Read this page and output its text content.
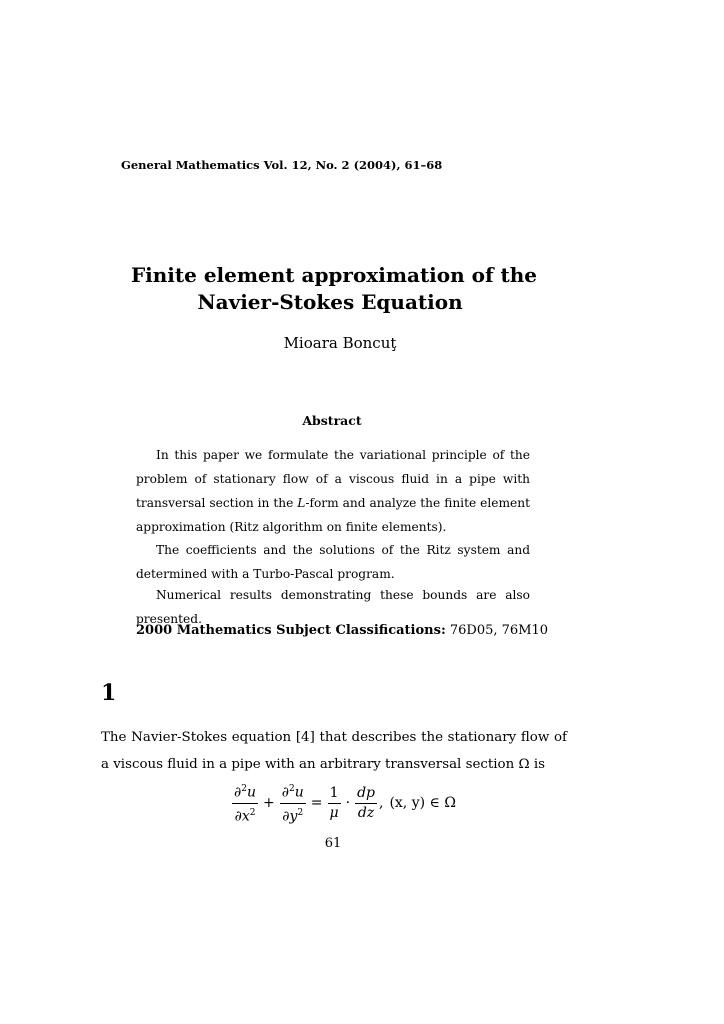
General Mathematics Vol. 12, No. 2 (2004), 61–68
Finite element approximation of the
Navier-Stokes Equation
Mioara Boncuţ
Abstract
In this paper we formulate the variational principle of the problem of stationary flow of a viscous fluid in a pipe with transversal section in the L-form and analyze the finite element approximation (Ritz algorithm on finite elements).
The coefficients and the solutions of the Ritz system and determined with a Turbo-Pascal program.
Numerical results demonstrating these bounds are also presented.
2000 Mathematics Subject Classifications: 76D05, 76M10
1
The Navier-Stokes equation [4] that describes the stationary flow of a viscous fluid in a pipe with an arbitrary transversal section Ω is
$\frac{\partial^2u}{\partial x^2} + \frac{\partial^2u}{\partial y^2} = \frac{1}{\mu} \cdot \frac{dp}{dz}$ , (x, y) ∈ Ω
61
